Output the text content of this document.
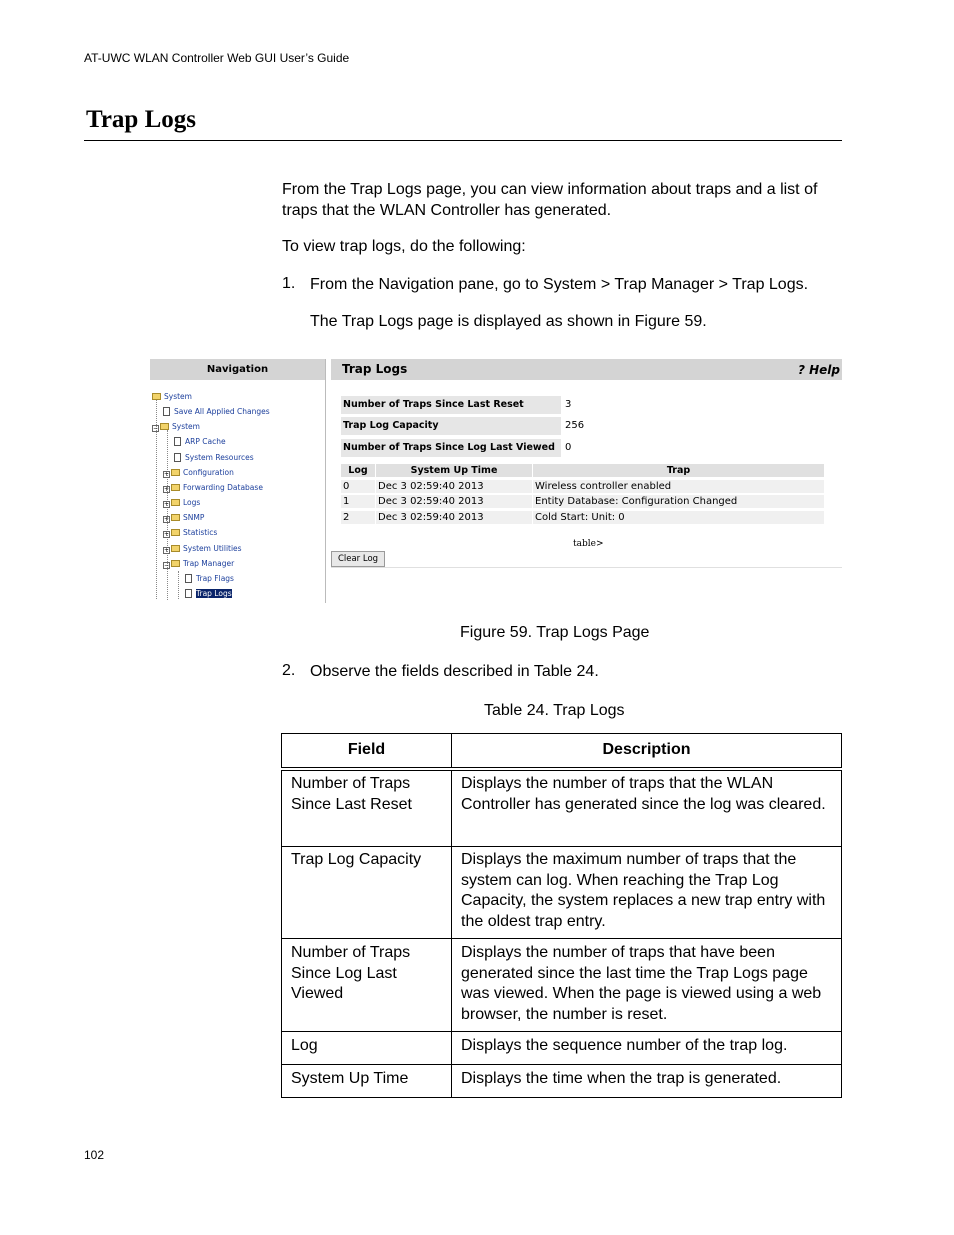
AT-UWC WLAN Controller Web GUI User’s Guide
Trap Logs
From the Trap Logs page, you can view information about traps and a list of traps that the WLAN Controller has generated.
To view trap logs, do the following:
1. From the Navigation pane, go to System > Trap Manager > Trap Logs.
The Trap Logs page is displayed as shown in Figure 59.
Navigation
System
Save All Applied Changes
− System
ARP Cache
System Resources
+ Configuration
+ Forwarding Database
+ Logs
+ SNMP
+ Statistics
+ System Utilities
− Trap Manager
Trap Flags
Trap Logs
? Help
Trap Logs
Number of Traps Since Last Reset	3
Trap Log Capacity	256
Number of Traps Since Log Last Viewed	0
Log	System Up Time	Trap
0	Dec 3 02:59:40 2013	Wireless controller enabled
1	Dec 3 02:59:40 2013	Entity Database: Configuration Changed
2	Dec 3 02:59:40 2013	Cold Start: Unit: 0
table>
Clear Log
Figure 59. Trap Logs Page
2. Observe the fields described in Table 24.
Table 24. Trap Logs
Field	Description
Number of Traps Since Last Reset	Displays the number of traps that the WLAN Controller has generated since the log was cleared.
Trap Log Capacity	Displays the maximum number of traps that the system can log. When reaching the Trap Log Capacity, the system replaces a new trap entry with the oldest trap entry.
Number of Traps Since Log Last Viewed	Displays the number of traps that have been generated since the last time the Trap Logs page was viewed. When the page is viewed using a web browser, the number is reset.
Log	Displays the sequence number of the trap log.
System Up Time	Displays the time when the trap is generated.
102
